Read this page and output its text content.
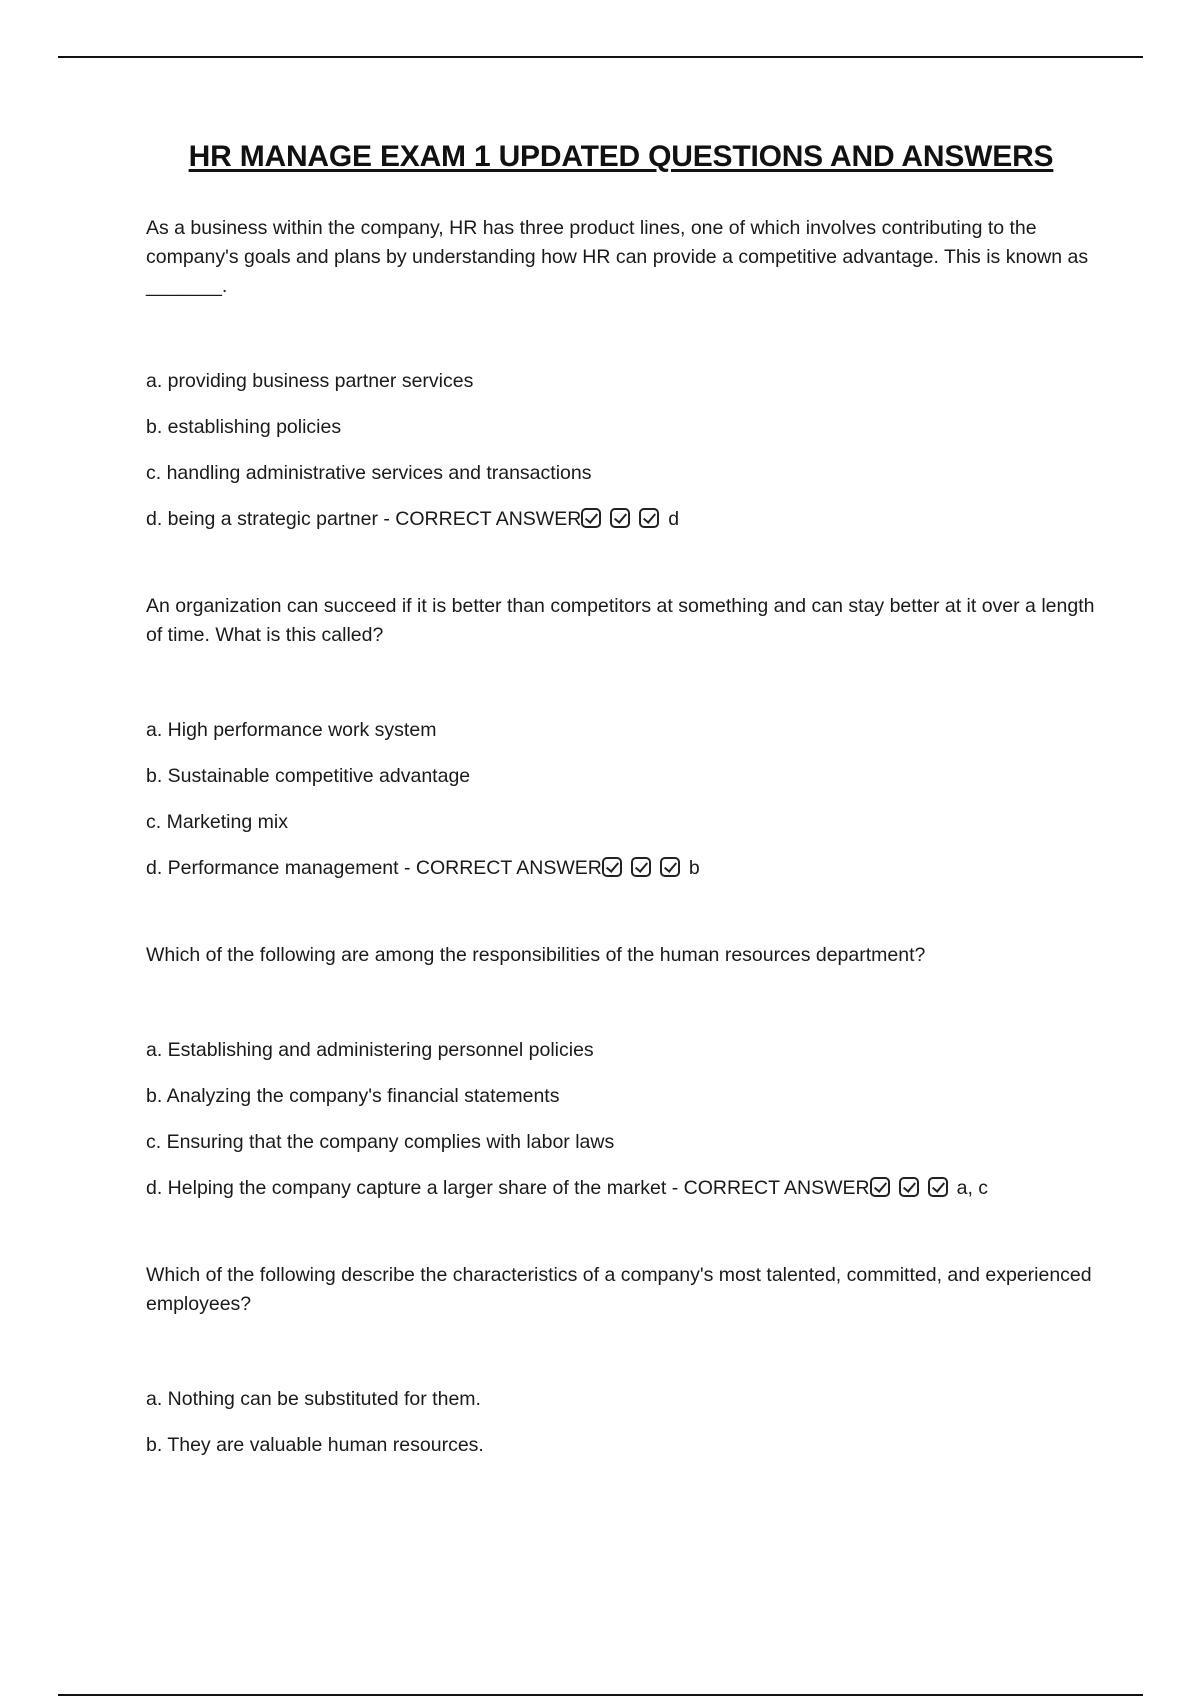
HR MANAGE EXAM 1 UPDATED QUESTIONS AND ANSWERS

As a business within the company, HR has three product lines, one of which involves contributing to the company's goals and plans by understanding how HR can provide a competitive advantage. This is known as _______.

a. providing business partner services

b. establishing policies

c. handling administrative services and transactions

d. being a strategic partner - CORRECT ANSWER	d

An organization can succeed if it is better than competitors at something and can stay better at it over a length of time. What is this called?

a. High performance work system

b. Sustainable competitive advantage

c. Marketing mix

d. Performance management - CORRECT ANSWER	b

Which of the following are among the responsibilities of the human resources department?

a. Establishing and administering personnel policies

b. Analyzing the company's financial statements

c. Ensuring that the company complies with labor laws

d. Helping the company capture a larger share of the market - CORRECT ANSWER	a, c

Which of the following describe the characteristics of a company's most talented, committed, and experienced employees?

a. Nothing can be substituted for them.

b. They are valuable human resources.
